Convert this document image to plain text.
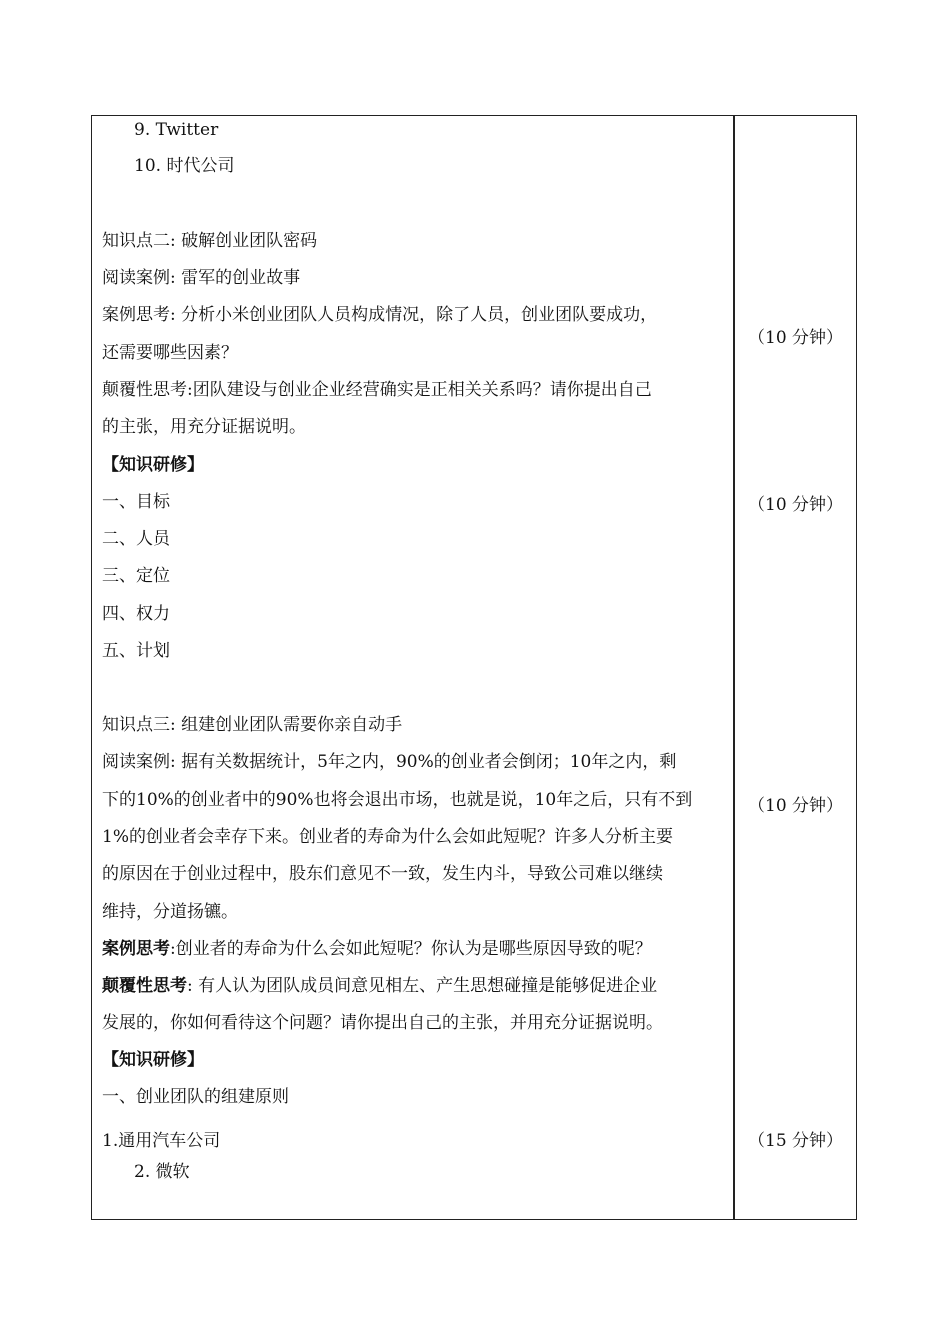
9. Twitter
10. 时代公司
知识点二: 破解创业团队密码
阅读案例: 雷军的创业故事
案例思考: 分析小米创业团队人员构成情况，除了人员，创业团队要成功，
还需要哪些因素？
颠覆性思考:团队建设与创业企业经营确实是正相关关系吗？请你提出自己
的主张，用充分证据说明。
【知识研修】
一、目标
二、人员
三、定位
四、权力
五、计划
知识点三: 组建创业团队需要你亲自动手
阅读案例: 据有关数据统计，5年之内，90%的创业者会倒闭；10年之内，剩
下的10%的创业者中的90%也将会退出市场，也就是说，10年之后，只有不到
1%的创业者会幸存下来。创业者的寿命为什么会如此短呢？许多人分析主要
的原因在于创业过程中，股东们意见不一致，发生内斗，导致公司难以继续
维持，分道扬镳。
案例思考:创业者的寿命为什么会如此短呢？你认为是哪些原因导致的呢？
颠覆性思考: 有人认为团队成员间意见相左、产生思想碰撞是能够促进企业
发展的，你如何看待这个问题？请你提出自己的主张，并用充分证据说明。
【知识研修】
一、创业团队的组建原则
1.通用汽车公司
2. 微软
（10 分钟）
（10 分钟）
（10 分钟）
（15 分钟）
